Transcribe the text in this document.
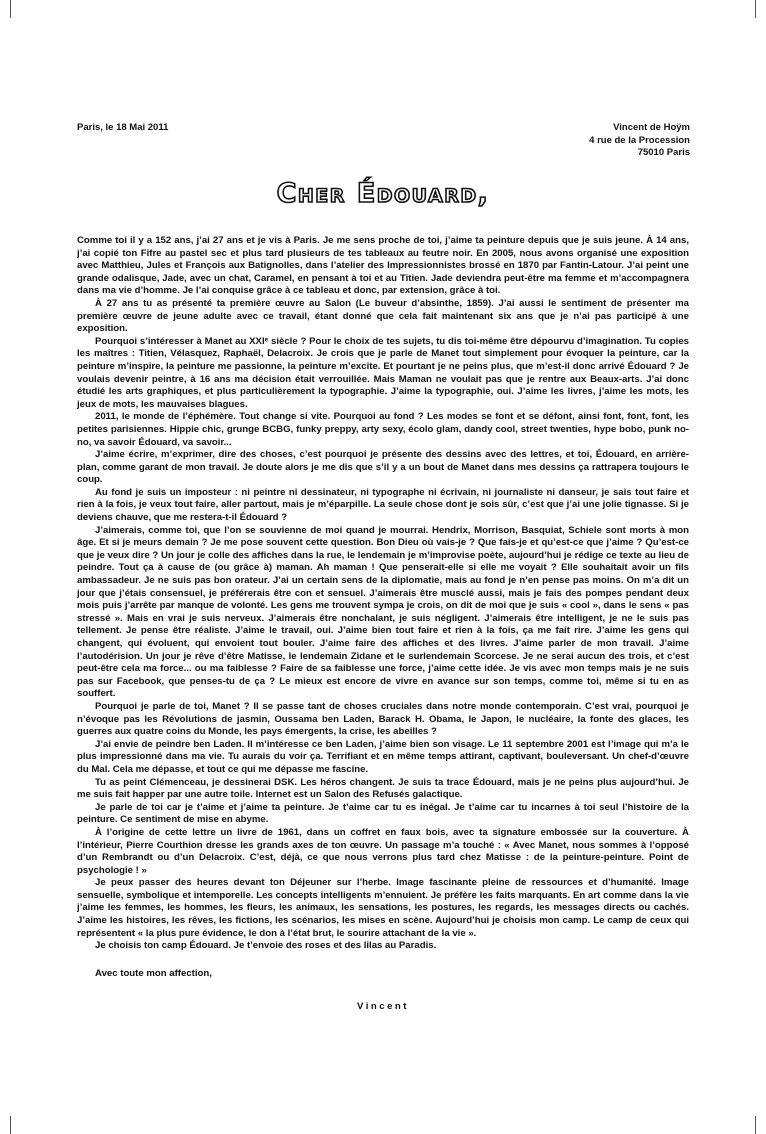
Paris, le 18 Mai 2011	Vincent de Hoÿm
4 rue de la Procession
75010 Paris
Cher Édouard,

Comme toi il y a 152 ans, j’ai 27 ans et je vis à Paris. Je me sens proche de toi, j’aime ta peinture depuis que je suis jeune. À 14 ans, j’ai copié ton Fifre au pastel sec et plus tard plusieurs de tes tableaux au feutre noir. En 2005, nous avons organisé une exposition avec Matthieu, Jules et François aux Batignolles, dans l’atelier des Impressionnistes brossé en 1870 par Fantin-Latour. J’ai peint une grande odalisque, Jade, avec un chat, Caramel, en pensant à toi et au Titien. Jade deviendra peut-être ma femme et m’accompagnera dans ma vie d’homme. Je l’ai conquise grâce à ce tableau et donc, par extension, grâce à toi.

À 27 ans tu as présenté ta première œuvre au Salon (Le buveur d’absinthe, 1859). J’ai aussi le sentiment de présenter ma première œuvre de jeune adulte avec ce travail, étant donné que cela fait maintenant six ans que je n’ai pas participé à une exposition.

Pourquoi s’intéresser à Manet au XXIᵉ siècle ? Pour le choix de tes sujets, tu dis toi-même être dépourvu d’imagination. Tu copies les maîtres : Titien, Vélasquez, Raphaël, Delacroix. Je crois que je parle de Manet tout simplement pour évoquer la peinture, car la peinture m’inspire, la peinture me passionne, la peinture m’excite. Et pourtant je ne peins plus, que m’est-il donc arrivé Édouard ? Je voulais devenir peintre, à 16 ans ma décision était verrouillée. Mais Maman ne voulait pas que je rentre aux Beaux-arts. J’ai donc étudié les arts graphiques, et plus particulièrement la typographie. J’aime la typographie, oui. J’aime les livres, j’aime les mots, les jeux de mots, les mauvaises blagues.

2011, le monde de l’éphémère. Tout change si vite. Pourquoi au fond ? Les modes se font et se défont, ainsi font, font, font, les petites parisiennes. Hippie chic, grunge BCBG, funky preppy, arty sexy, écolo glam, dandy cool, street twenties, hype bobo, punk no-no, va savoir Édouard, va savoir...

J’aime écrire, m’exprimer, dire des choses, c’est pourquoi je présente des dessins avec des lettres, et toi, Édouard, en arrière-plan, comme garant de mon travail. Je doute alors je me dis que s’il y a un bout de Manet dans mes dessins ça rattrapera toujours le coup.

Au fond je suis un imposteur : ni peintre ni dessinateur, ni typographe ni écrivain, ni journaliste ni danseur, je sais tout faire et rien à la fois, je veux tout faire, aller partout, mais je m’éparpille. La seule chose dont je sois sûr, c’est que j’ai une jolie tignasse. Si je deviens chauve, que me restera-t-il Édouard ?

J’aimerais, comme toi, que l’on se souvienne de moi quand je mourrai. Hendrix, Morrison, Basquiat, Schiele sont morts à mon âge. Et si je meurs demain ? Je me pose souvent cette question. Bon Dieu où vais-je ? Que fais-je et qu’est-ce que j’aime ? Qu’est-ce que je veux dire ? Un jour je colle des affiches dans la rue, le lendemain je m’improvise poète, aujourd’hui je rédige ce texte au lieu de peindre. Tout ça à cause de (ou grâce à) maman. Ah maman ! Que penserait-elle si elle me voyait ? Elle souhaitait avoir un fils ambassadeur. Je ne suis pas bon orateur. J’ai un certain sens de la diplomatie, mais au fond je n’en pense pas moins. On m’a dit un jour que j’étais consensuel, je préférerais être con et sensuel. J’aimerais être musclé aussi, mais je fais des pompes pendant deux mois puis j’arrête par manque de volonté. Les gens me trouvent sympa je crois, on dit de moi que je suis « cool », dans le sens « pas stressé ». Mais en vrai je suis nerveux. J’aimerais être nonchalant, je suis négligent. J’aimerais être intelligent, je ne le suis pas tellement. Je pense être réaliste. J’aime le travail, oui. J’aime bien tout faire et rien à la fois, ça me fait rire. J’aime les gens qui changent, qui évoluent, qui envoient tout bouler. J’aime faire des affiches et des livres. J’aime parler de mon travail. J’aime l’autodérision. Un jour je rêve d’être Matisse, le lendemain Zidane et le surlendemain Scorcese. Je ne serai aucun des trois, et c’est peut-être cela ma force... ou ma faiblesse ? Faire de sa faiblesse une force, j’aime cette idée. Je vis avec mon temps mais je ne suis pas sur Facebook, que penses-tu de ça ? Le mieux est encore de vivre en avance sur son temps, comme toi, même si tu en as souffert.

Pourquoi je parle de toi, Manet ? Il se passe tant de choses cruciales dans notre monde contemporain. C’est vrai, pourquoi je n’évoque pas les Révolutions de jasmin, Oussama ben Laden, Barack H. Obama, le Japon, le nucléaire, la fonte des glaces, les guerres aux quatre coins du Monde, les pays émergents, la crise, les abeilles ?

J’ai envie de peindre ben Laden. Il m’intéresse ce ben Laden, j’aime bien son visage. Le 11 septembre 2001 est l’image qui m’a le plus impressionné dans ma vie. Tu aurais du voir ça. Terrifiant et en même temps attirant, captivant, bouleversant. Un chef-d’œuvre du Mal. Cela me dépasse, et tout ce qui me dépasse me fascine.

Tu as peint Clémenceau, je dessinerai DSK. Les héros changent. Je suis ta trace Édouard, mais je ne peins plus aujourd’hui. Je me suis fait happer par une autre toile. Internet est un Salon des Refusés galactique.

Je parle de toi car je t’aime et j’aime ta peinture. Je t’aime car tu es inégal. Je t’aime car tu incarnes à toi seul l’histoire de la peinture. Ce sentiment de mise en abyme.

À l’origine de cette lettre un livre de 1961, dans un coffret en faux bois, avec ta signature embossée sur la couverture. À l’intérieur, Pierre Courthion dresse les grands axes de ton œuvre. Un passage m’a touché : « Avec Manet, nous sommes à l’opposé d’un Rembrandt ou d’un Delacroix. C’est, déjà, ce que nous verrons plus tard chez Matisse : de la peinture-peinture. Point de psychologie ! »

Je peux passer des heures devant ton Déjeuner sur l’herbe. Image fascinante pleine de ressources et d’humanité. Image sensuelle, symbolique et intemporelle. Les concepts intelligents m’ennuient. Je préfère les faits marquants. En art comme dans la vie j’aime les femmes, les hommes, les fleurs, les animaux, les sensations, les postures, les regards, les messages directs ou cachés. J’aime les histoires, les rêves, les fictions, les scénarios, les mises en scène. Aujourd’hui je choisis mon camp. Le camp de ceux qui représentent « la plus pure évidence, le don à l’état brut, le sourire attachant de la vie ».

Je choisis ton camp Édouard. Je t’envoie des roses et des lilas au Paradis.

Avec toute mon affection,
Vincent
